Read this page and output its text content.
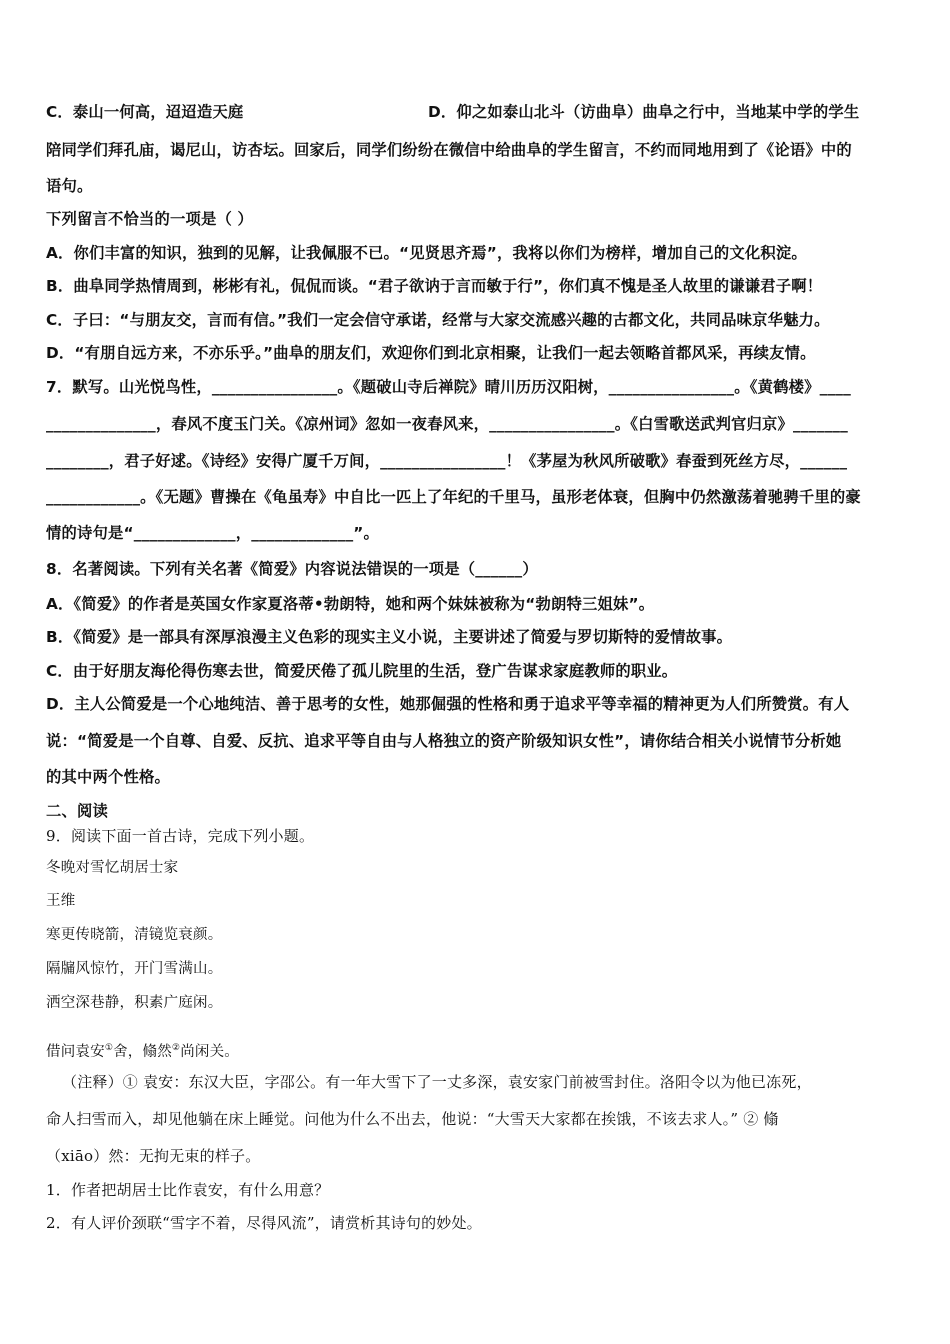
C．泰山一何高，迢迢造天庭	D．仰之如泰山北斗（访曲阜）曲阜之行中，当地某中学的学生
陪同学们拜孔庙，谒尼山，访杏坛。回家后，同学们纷纷在微信中给曲阜的学生留言，不约而同地用到了《论语》中的
语句。
下列留言不恰当的一项是（ ）
A．你们丰富的知识，独到的见解，让我佩服不已。“见贤思齐焉”，我将以你们为榜样，增加自己的文化积淀。
B．曲阜同学热情周到，彬彬有礼，侃侃而谈。“君子欲讷于言而敏于行”，你们真不愧是圣人故里的谦谦君子啊！
C．子曰：“与朋友交，言而有信。”我们一定会信守承诺，经常与大家交流感兴趣的古都文化，共同品味京华魅力。
D．“有朋自远方来，不亦乐乎。”曲阜的朋友们，欢迎你们到北京相聚，让我们一起去领略首都风采，再续友情。
7．默写。山光悦鸟性，________________。《题破山寺后禅院》晴川历历汉阳树，________________。《黄鹤楼》____
______________，春风不度玉门关。《凉州词》忽如一夜春风来，________________。《白雪歌送武判官归京》_______
________，君子好逑。《诗经》安得广厦千万间，________________！《茅屋为秋风所破歌》春蚕到死丝方尽，______
____________。《无题》曹操在《龟虽寿》中自比一匹上了年纪的千里马，虽形老体衰，但胸中仍然激荡着驰骋千里的豪
情的诗句是“_____________，_____________”。
8．名著阅读。下列有关名著《简爱》内容说法错误的一项是（______）
A．《简爱》的作者是英国女作家夏洛蒂•勃朗特，她和两个妹妹被称为“勃朗特三姐妹”。
B．《简爱》是一部具有深厚浪漫主义色彩的现实主义小说，主要讲述了简爱与罗切斯特的爱情故事。
C．由于好朋友海伦得伤寒去世，简爱厌倦了孤儿院里的生活，登广告谋求家庭教师的职业。
D．主人公简爱是一个心地纯洁、善于思考的女性，她那倔强的性格和勇于追求平等幸福的精神更为人们所赞赏。有人
说：“简爱是一个自尊、自爱、反抗、追求平等自由与人格独立的资产阶级知识女性”，请你结合相关小说情节分析她
的其中两个性格。
二、阅读
9．阅读下面一首古诗，完成下列小题。
冬晚对雪忆胡居士家
王维
寒更传晓箭，清镜览衰颜。
隔牖风惊竹，开门雪满山。
洒空深巷静，积素广庭闲。
借问袁安①舍，翛然②尚闲关。
（注释）① 袁安：东汉大臣，字邵公。有一年大雪下了一丈多深，袁安家门前被雪封住。洛阳令以为他已冻死，
命人扫雪而入，却见他躺在床上睡觉。问他为什么不出去，他说：“大雪天大家都在挨饿，不该去求人。” ② 翛
（xiāo）然：无拘无束的样子。
1．作者把胡居士比作袁安，有什么用意？
2．有人评价颈联“雪字不着，尽得风流”，请赏析其诗句的妙处。
